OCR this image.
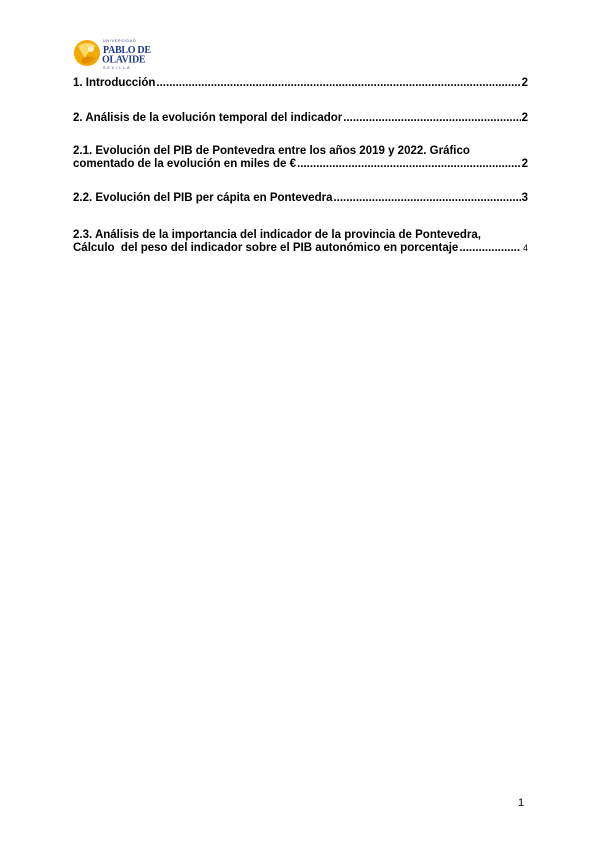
UNIVERSIDAD
PABLO DE
OLAVIDE
SEVILLA
1. Introducción .....	2
2. Análisis de la evolución temporal del indicador .....	2
2.1. Evolución del PIB de Pontevedra entre los años 2019 y 2022. Gráfico
comentado de la evolución en miles de € .....	2
2.2. Evolución del PIB per cápita en Pontevedra .....	3
2.3. Análisis de la importancia del indicador de la provincia de Pontevedra,
Cálculo  del peso del indicador sobre el PIB autonómico en porcentaje .....	4
1
